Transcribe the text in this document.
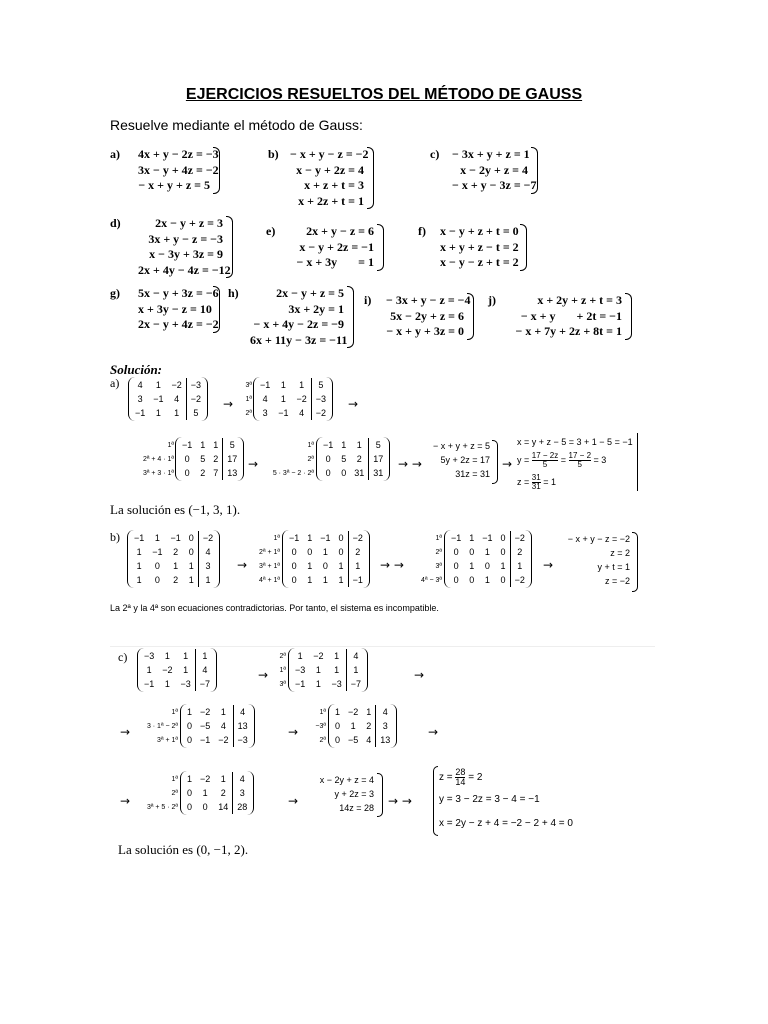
EJERCICIOS RESUELTOS DEL MÉTODO DE GAUSS
Resuelve mediante el método de Gauss:
a) 4x + y − 2z = −3
3x − y + 4z = −2
− x + y + z = 5
b) − x + y − z = −2
x − y + 2z = 4
x + z + t = 3
x + 2z + t = 1
c) − 3x + y + z = 1
x − 2y + z = 4
− x + y − 3z = −7
d)	2x − y + z = 3
3x + y − z = −3
x − 3y + 3z = 9
2x + 4y − 4z = −12
e)	2x + y − z = 6
x − y + 2z = −1
− x + 3y       = 1
f) x − y + z + t = 0
x + y + z − t = 2
x − y − z + t = 2
g) 5x − y + 3z = −6
x + 3y − z = 10
2x − y + 4z = −2
h)	2x − y + z = 5
3x + 2y = 1
− x + 4y − 2z = −9
6x + 11y − 3z = −11
i) − 3x + y − z = −4
5x − 2y + z = 6
− x + y + 3z = 0
j)	x + 2y + z + t = 3
− x + y       + 2t = −1
− x + 7y + 2z + 8t = 1
Solución:
a) 4	1	−2	−3
3	−1	4	−2
−1	1	1	5
3ª
1ª
2ª
−1	1	1	5
4	1	−2	−3
3	−1	4	−2
→	→
1ª
2ª + 4 · 1ª
3ª + 3 · 1ª
−1	1	1	5
0	5	2	17
0	2	7	13
→
1ª
2ª
5 · 3ª − 2 · 2ª
−1	1	1	5
0	5	2	17
0	0	31	31
→ →
− x + y + z = 5
5y + 2z = 17
31z = 31
→
x = y + z − 5 = 3 + 1 − 5 = −1
$y = \frac{17 - 2z}{5} = \frac{17 - 2}{5} = 3$
$z = \frac{31}{31} = 1$
La solución es (−1, 3, 1).
b) −1	1	−1	0	−2
1	−1	2	0	4
1	0	1	1	3
1	0	2	1	1
→
1ª
2ª + 1ª
3ª + 1ª
4ª + 1ª
−1	1	−1	0	−2
0	0	1	0	2
0	1	0	1	1
0	1	1	1	−1
→ →
1ª
2ª
3ª
4ª − 3ª
−1	1	−1	0	−2
0	0	1	0	2
0	1	0	1	1
0	0	1	0	−2
→
− x + y − z = −2
z = 2
y + t = 1
z = −2
La 2ª y la 4ª son ecuaciones contradictorias. Por tanto, el sistema es incompatible.
c) −3	1	1	1
1	−2	1	4
−1	1	−3	−7
→
2ª
1ª
3ª
1	−2	1	4
−3	1	1	1
−1	1	−3	−7
→
→
1ª
3 · 1ª − 2ª
3ª + 1ª
1	−2	1	4
0	−5	4	13
0	−1	−2	−3
→
1ª
−3ª
2ª
1	−2	1	4
0	1	2	3
0	−5	4	13
→
→
1ª
2ª
3ª + 5 · 2ª
1	−2	1	4
0	1	2	3
0	0	14	28	→
x − 2y + z = 4
y + 2z = 3
14z = 28 → →
$z = \frac{28}{14} = 2$
y = 3 − 2z = 3 − 4 = −1
x = 2y − z + 4 = −2 − 2 + 4 = 0
La solución es (0, −1, 2).
